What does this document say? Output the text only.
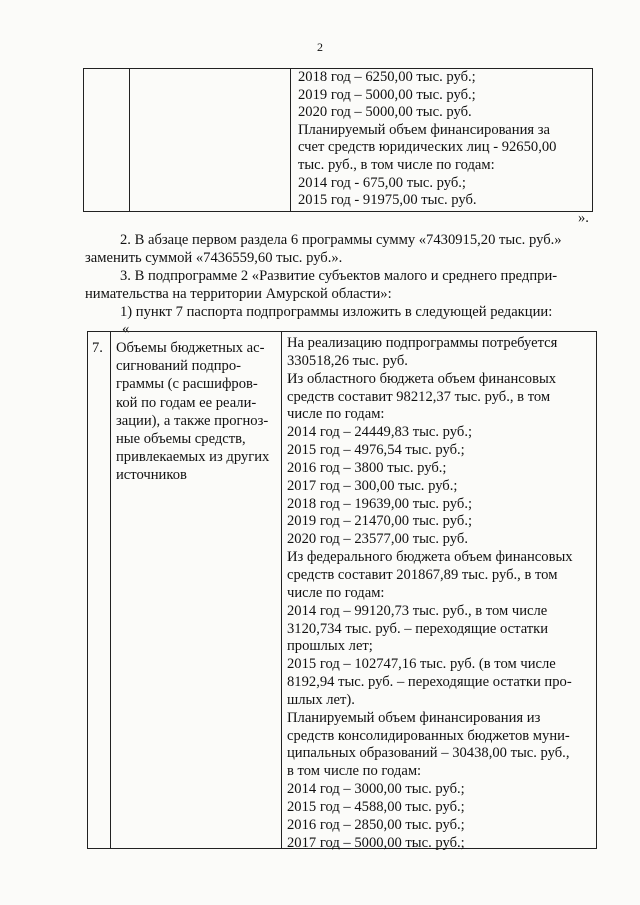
2
2018 год – 6250,00 тыс. руб.;
2019 год – 5000,00 тыс. руб.;
2020 год – 5000,00 тыс. руб.
Планируемый объем финансирования за
счет средств юридических лиц - 92650,00
тыс. руб., в том числе по годам:
2014 год - 675,00 тыс. руб.;
2015 год - 91975,00 тыс. руб.
».
2. В абзаце первом раздела 6 программы сумму «7430915,20 тыс. руб.»
заменить суммой «7436559,60 тыс. руб.».
3. В подпрограмме 2 «Развитие субъектов малого и среднего предпри-
нимательства на территории Амурской области»:
1) пункт 7 паспорта подпрограммы изложить в следующей редакции:
«
7. Объемы бюджетных ас-
сигнований подпро-
граммы (с расшифров-
кой по годам ее реали-
зации), а также прогноз-
ные объемы средств,
привлекаемых из других
источников
На реализацию подпрограммы потребуется
330518,26 тыс. руб.
Из областного бюджета объем финансовых
средств составит 98212,37 тыс. руб., в том
числе по годам:
2014 год – 24449,83 тыс. руб.;
2015 год – 4976,54 тыс. руб.;
2016 год – 3800 тыс. руб.;
2017 год – 300,00 тыс. руб.;
2018 год – 19639,00 тыс. руб.;
2019 год – 21470,00 тыс. руб.;
2020 год – 23577,00 тыс. руб.
Из федерального бюджета объем финансовых
средств составит 201867,89 тыс. руб., в том
числе по годам:
2014 год – 99120,73 тыс. руб., в том числе
3120,734 тыс. руб. – переходящие остатки
прошлых лет;
2015 год – 102747,16 тыс. руб. (в том числе
8192,94 тыс. руб. – переходящие остатки про-
шлых лет).
Планируемый объем финансирования из
средств консолидированных бюджетов муни-
ципальных образований – 30438,00 тыс. руб.,
в том числе по годам:
2014 год – 3000,00 тыс. руб.;
2015 год – 4588,00 тыс. руб.;
2016 год – 2850,00 тыс. руб.;
2017 год – 5000,00 тыс. руб.;
